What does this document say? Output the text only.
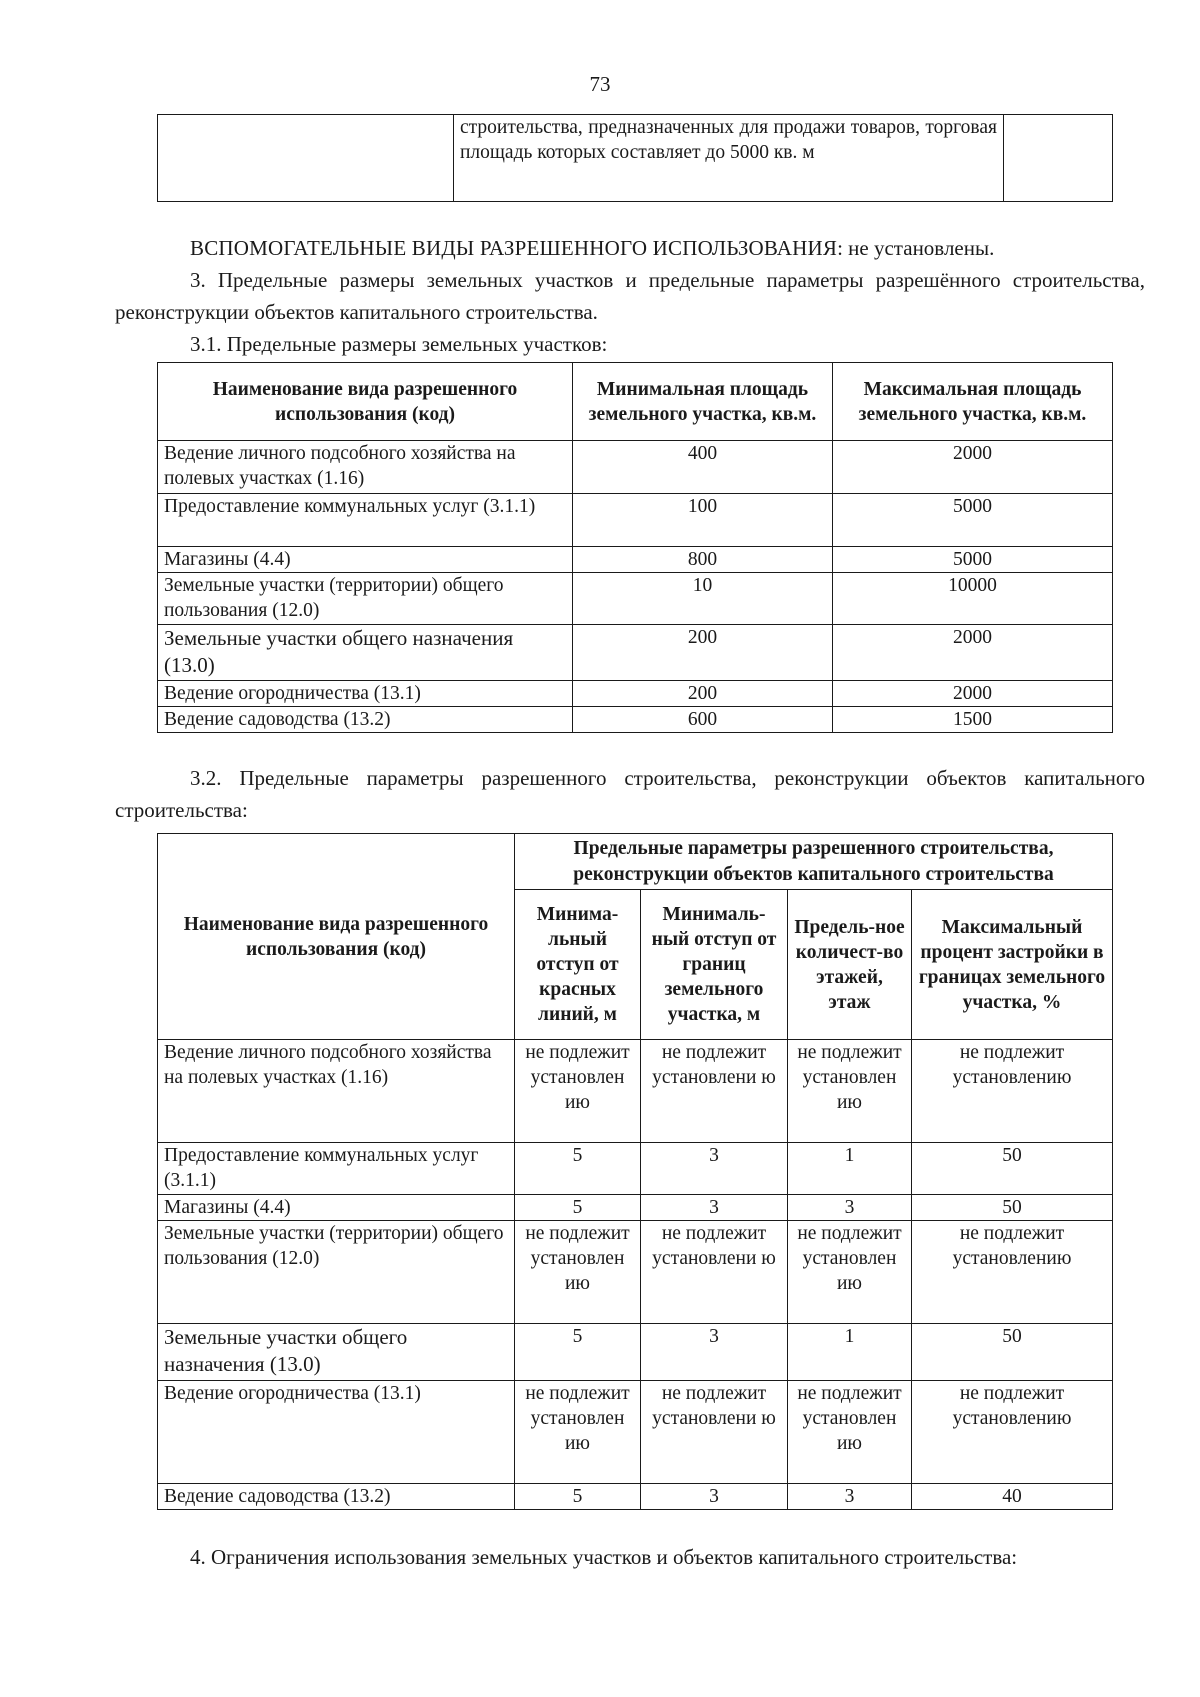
73
	строительства, предназначенных для продажи товаров, торговая площадь которых составляет до 5000 кв. м	
ВСПОМОГАТЕЛЬНЫЕ ВИДЫ РАЗРЕШЕННОГО ИСПОЛЬЗОВАНИЯ: не установлены.
3. Предельные размеры земельных участков и предельные параметры разрешённого строительства, реконструкции объектов капитального строительства.
3.1. Предельные размеры земельных участков:
Наименование вида разрешенного использования (код)	Минимальная площадь земельного участка, кв.м.	Максимальная площадь земельного участка, кв.м.
Ведение личного подсобного хозяйства на полевых участках (1.16)	400	2000
Предоставление коммунальных услуг (3.1.1)	100	5000
Магазины (4.4)	800	5000
Земельные участки (территории) общего пользования (12.0)	10	10000
Земельные участки общего назначения (13.0)	200	2000
Ведение огородничества (13.1)	200	2000
Ведение садоводства (13.2)	600	1500
3.2. Предельные параметры разрешенного строительства, реконструкции объектов капитального строительства:
Наименование вида разрешенного использования (код)	Предельные параметры разрешенного строительства, реконструкции объектов капитального строительства			
	Минима-льный отступ от красных линий, м	Минималь-ный отступ от границ земельного участка, м	Предель-ное количест-во этажей, этаж	Максимальный процент застройки в границах земельного участка, %
Ведение личного подсобного хозяйства на полевых участках (1.16)	не подлежит установлен ию	не подлежит установлени ю	не подлежит установлен ию	не подлежит установлению
Предоставление коммунальных услуг (3.1.1)	5	3	1	50
Магазины (4.4)	5	3	3	50
Земельные участки (территории) общего пользования (12.0)	не подлежит установлен ию	не подлежит установлени ю	не подлежит установлен ию	не подлежит установлению
Земельные участки общего назначения (13.0)	5	3	1	50
Ведение огородничества (13.1)	не подлежит установлен ию	не подлежит установлени ю	не подлежит установлен ию	не подлежит установлению
Ведение садоводства (13.2)	5	3	3	40
4. Ограничения использования земельных участков и объектов капитального строительства:
